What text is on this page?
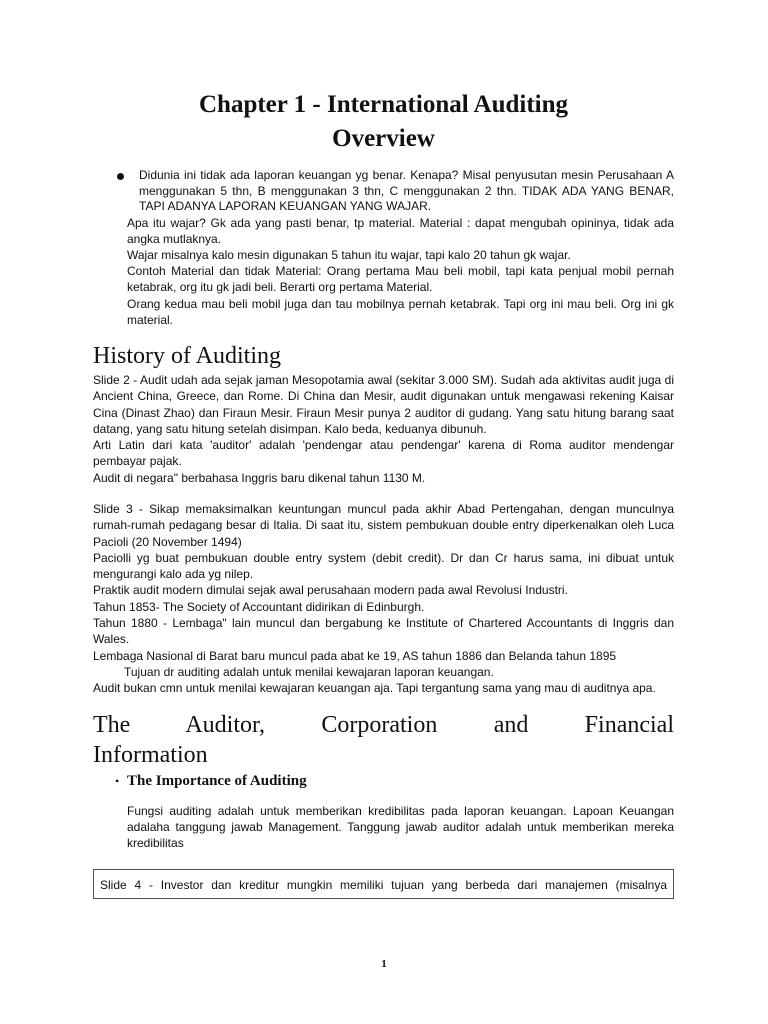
Chapter 1 - International Auditing
Overview
Didunia ini tidak ada laporan keuangan yg benar. Kenapa? Misal penyusutan mesin Perusahaan A menggunakan 5 thn, B menggunakan 3 thn, C menggunakan 2 thn. TIDAK ADA YANG BENAR, TAPI ADANYA LAPORAN KEUANGAN YANG WAJAR.

Apa itu wajar? Gk ada yang pasti benar, tp material. Material : dapat mengubah opininya, tidak ada angka mutlaknya.

Wajar misalnya kalo mesin digunakan 5 tahun itu wajar, tapi kalo 20 tahun gk wajar.

Contoh Material dan tidak Material: Orang pertama Mau beli mobil, tapi kata penjual mobil pernah ketabrak, org itu gk jadi beli. Berarti org pertama Material.

Orang kedua mau beli mobil juga dan tau mobilnya pernah ketabrak. Tapi org ini mau beli. Org ini gk material.

History of Auditing

Slide 2 - Audit udah ada sejak jaman Mesopotamia awal (sekitar 3.000 SM). Sudah ada aktivitas audit juga di Ancient China, Greece, dan Rome. Di China dan Mesir, audit digunakan untuk mengawasi rekening Kaisar Cina (Dinast Zhao) dan Firaun Mesir. Firaun Mesir punya 2 auditor di gudang. Yang satu hitung barang saat datang, yang satu hitung setelah disimpan. Kalo beda, keduanya dibunuh.

Arti Latin dari kata 'auditor' adalah 'pendengar atau pendengar' karena di Roma auditor mendengar pembayar pajak.

Audit di negara" berbahasa Inggris baru dikenal tahun 1130 M.

Slide 3 - Sikap memaksimalkan keuntungan muncul pada akhir Abad Pertengahan, dengan munculnya rumah-rumah pedagang besar di Italia. Di saat itu, sistem pembukuan double entry diperkenalkan oleh Luca Pacioli (20 November 1494)

Paciolli yg buat pembukuan double entry system (debit credit). Dr dan Cr harus sama, ini dibuat untuk mengurangi kalo ada yg nilep.

Praktik audit modern dimulai sejak awal perusahaan modern pada awal Revolusi Industri.

Tahun 1853- The Society of Accountant didirikan di Edinburgh.

Tahun 1880 - Lembaga" lain muncul dan bergabung ke Institute of Chartered Accountants di Inggris dan Wales.

Lembaga Nasional di Barat baru muncul pada abat ke 19, AS tahun 1886 dan Belanda tahun 1895

Tujuan dr auditing adalah untuk menilai kewajaran laporan keuangan.

Audit bukan cmn untuk menilai kewajaran keuangan aja. Tapi tergantung sama yang mau di auditnya apa.

The Auditor, Corporation and Financial
Information
• The Importance of Auditing

Fungsi auditing adalah untuk memberikan kredibilitas pada laporan keuangan. Lapoan Keuangan adalaha tanggung jawab Management. Tanggung jawab auditor adalah untuk memberikan mereka kredibilitas

Slide 4 - Investor dan kreditur mungkin memiliki tujuan yang berbeda dari manajemen (misalnya
1
